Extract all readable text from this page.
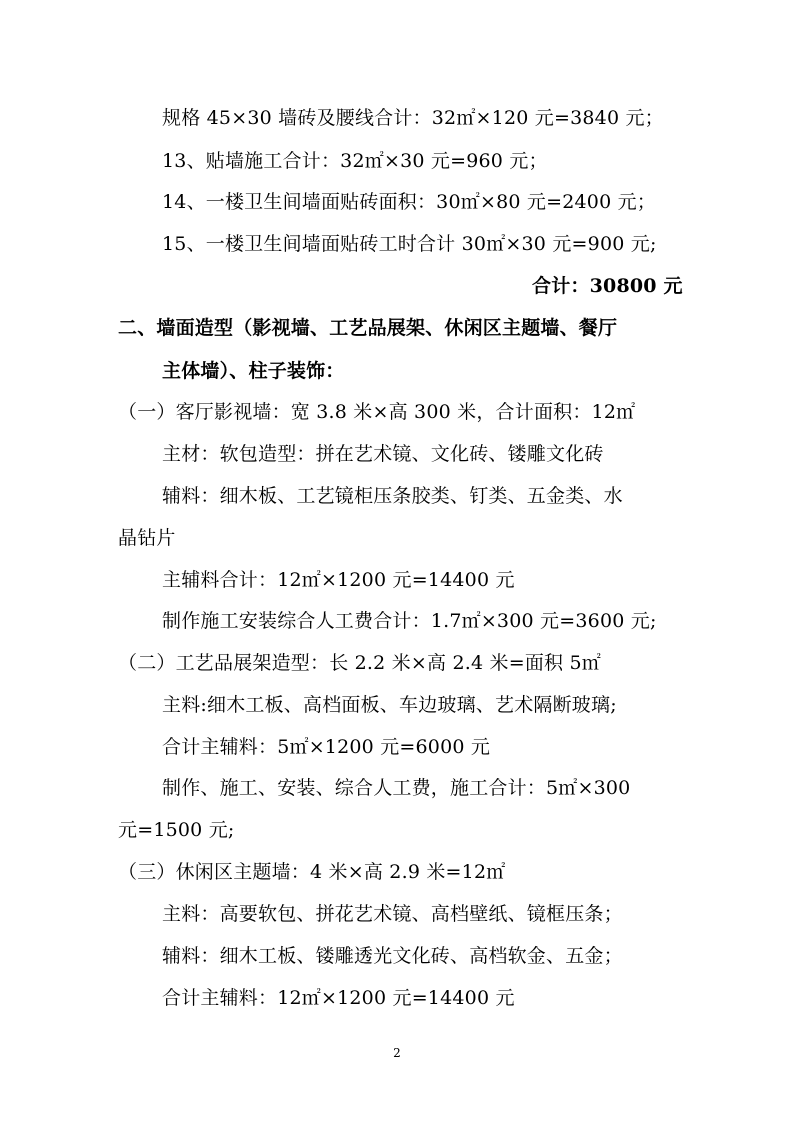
规格 45×30 墙砖及腰线合计：32㎡×120 元=3840 元；
13、贴墙施工合计：32㎡×30 元=960 元；
14、一楼卫生间墙面贴砖面积：30㎡×80 元=2400 元；
15、一楼卫生间墙面贴砖工时合计 30㎡×30 元=900 元;
合计：30800 元
二、墙面造型（影视墙、工艺品展架、休闲区主题墙、餐厅
主体墙）、柱子装饰：
（一）客厅影视墙：宽 3.8 米×高 300 米，合计面积：12㎡
主材：软包造型：拼在艺术镜、文化砖、镂雕文化砖
辅料：细木板、工艺镜柜压条胶类、钉类、五金类、水
晶钻片
主辅料合计：12㎡×1200 元=14400 元
制作施工安装综合人工费合计：1.7㎡×300 元=3600 元;
（二）工艺品展架造型：长 2.2 米×高 2.4 米=面积 5㎡
主料:细木工板、高档面板、车边玻璃、艺术隔断玻璃;
合计主辅料：5㎡×1200 元=6000 元
制作、施工、安装、综合人工费，施工合计：5㎡×300
元=1500 元;
（三）休闲区主题墙：4 米×高 2.9 米=12㎡
主料：高要软包、拼花艺术镜、高档壁纸、镜框压条；
辅料：细木工板、镂雕透光文化砖、高档软金、五金；
合计主辅料：12㎡×1200 元=14400 元
2
